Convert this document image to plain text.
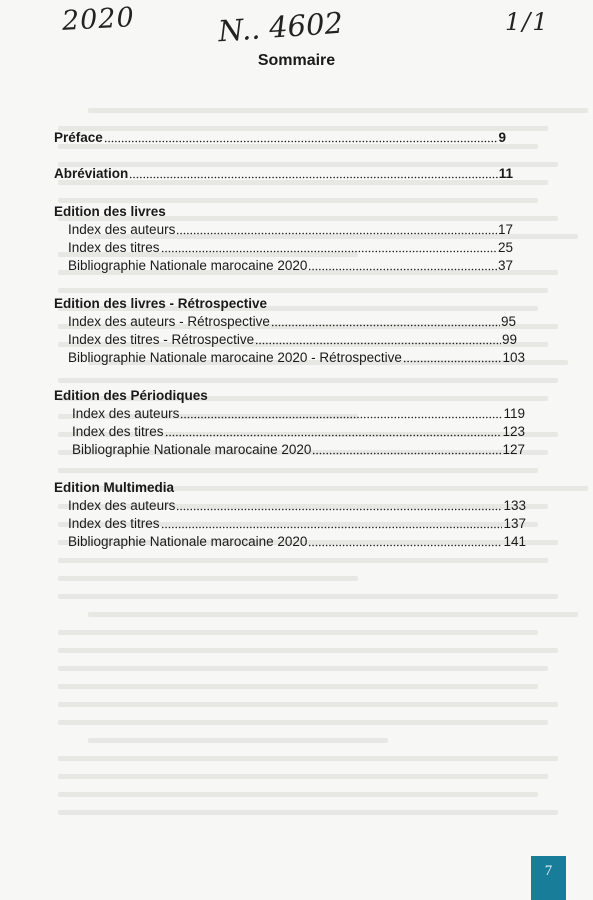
2020	N.. 4602	1/1
Sommaire
Préface	9
Abréviation	11
Edition des livres
Index des auteurs	17
Index des titres	25
Bibliographie Nationale marocaine 2020	37
Edition des livres - Rétrospective
Index des auteurs - Rétrospective	95
Index des titres - Rétrospective	99
Bibliographie Nationale marocaine 2020 - Rétrospective	103
Edition des Périodiques
Index des auteurs	119
Index des titres	123
Bibliographie Nationale marocaine 2020	127
Edition Multimedia
Index des auteurs	133
Index des titres	137
Bibliographie Nationale marocaine 2020	141
7
